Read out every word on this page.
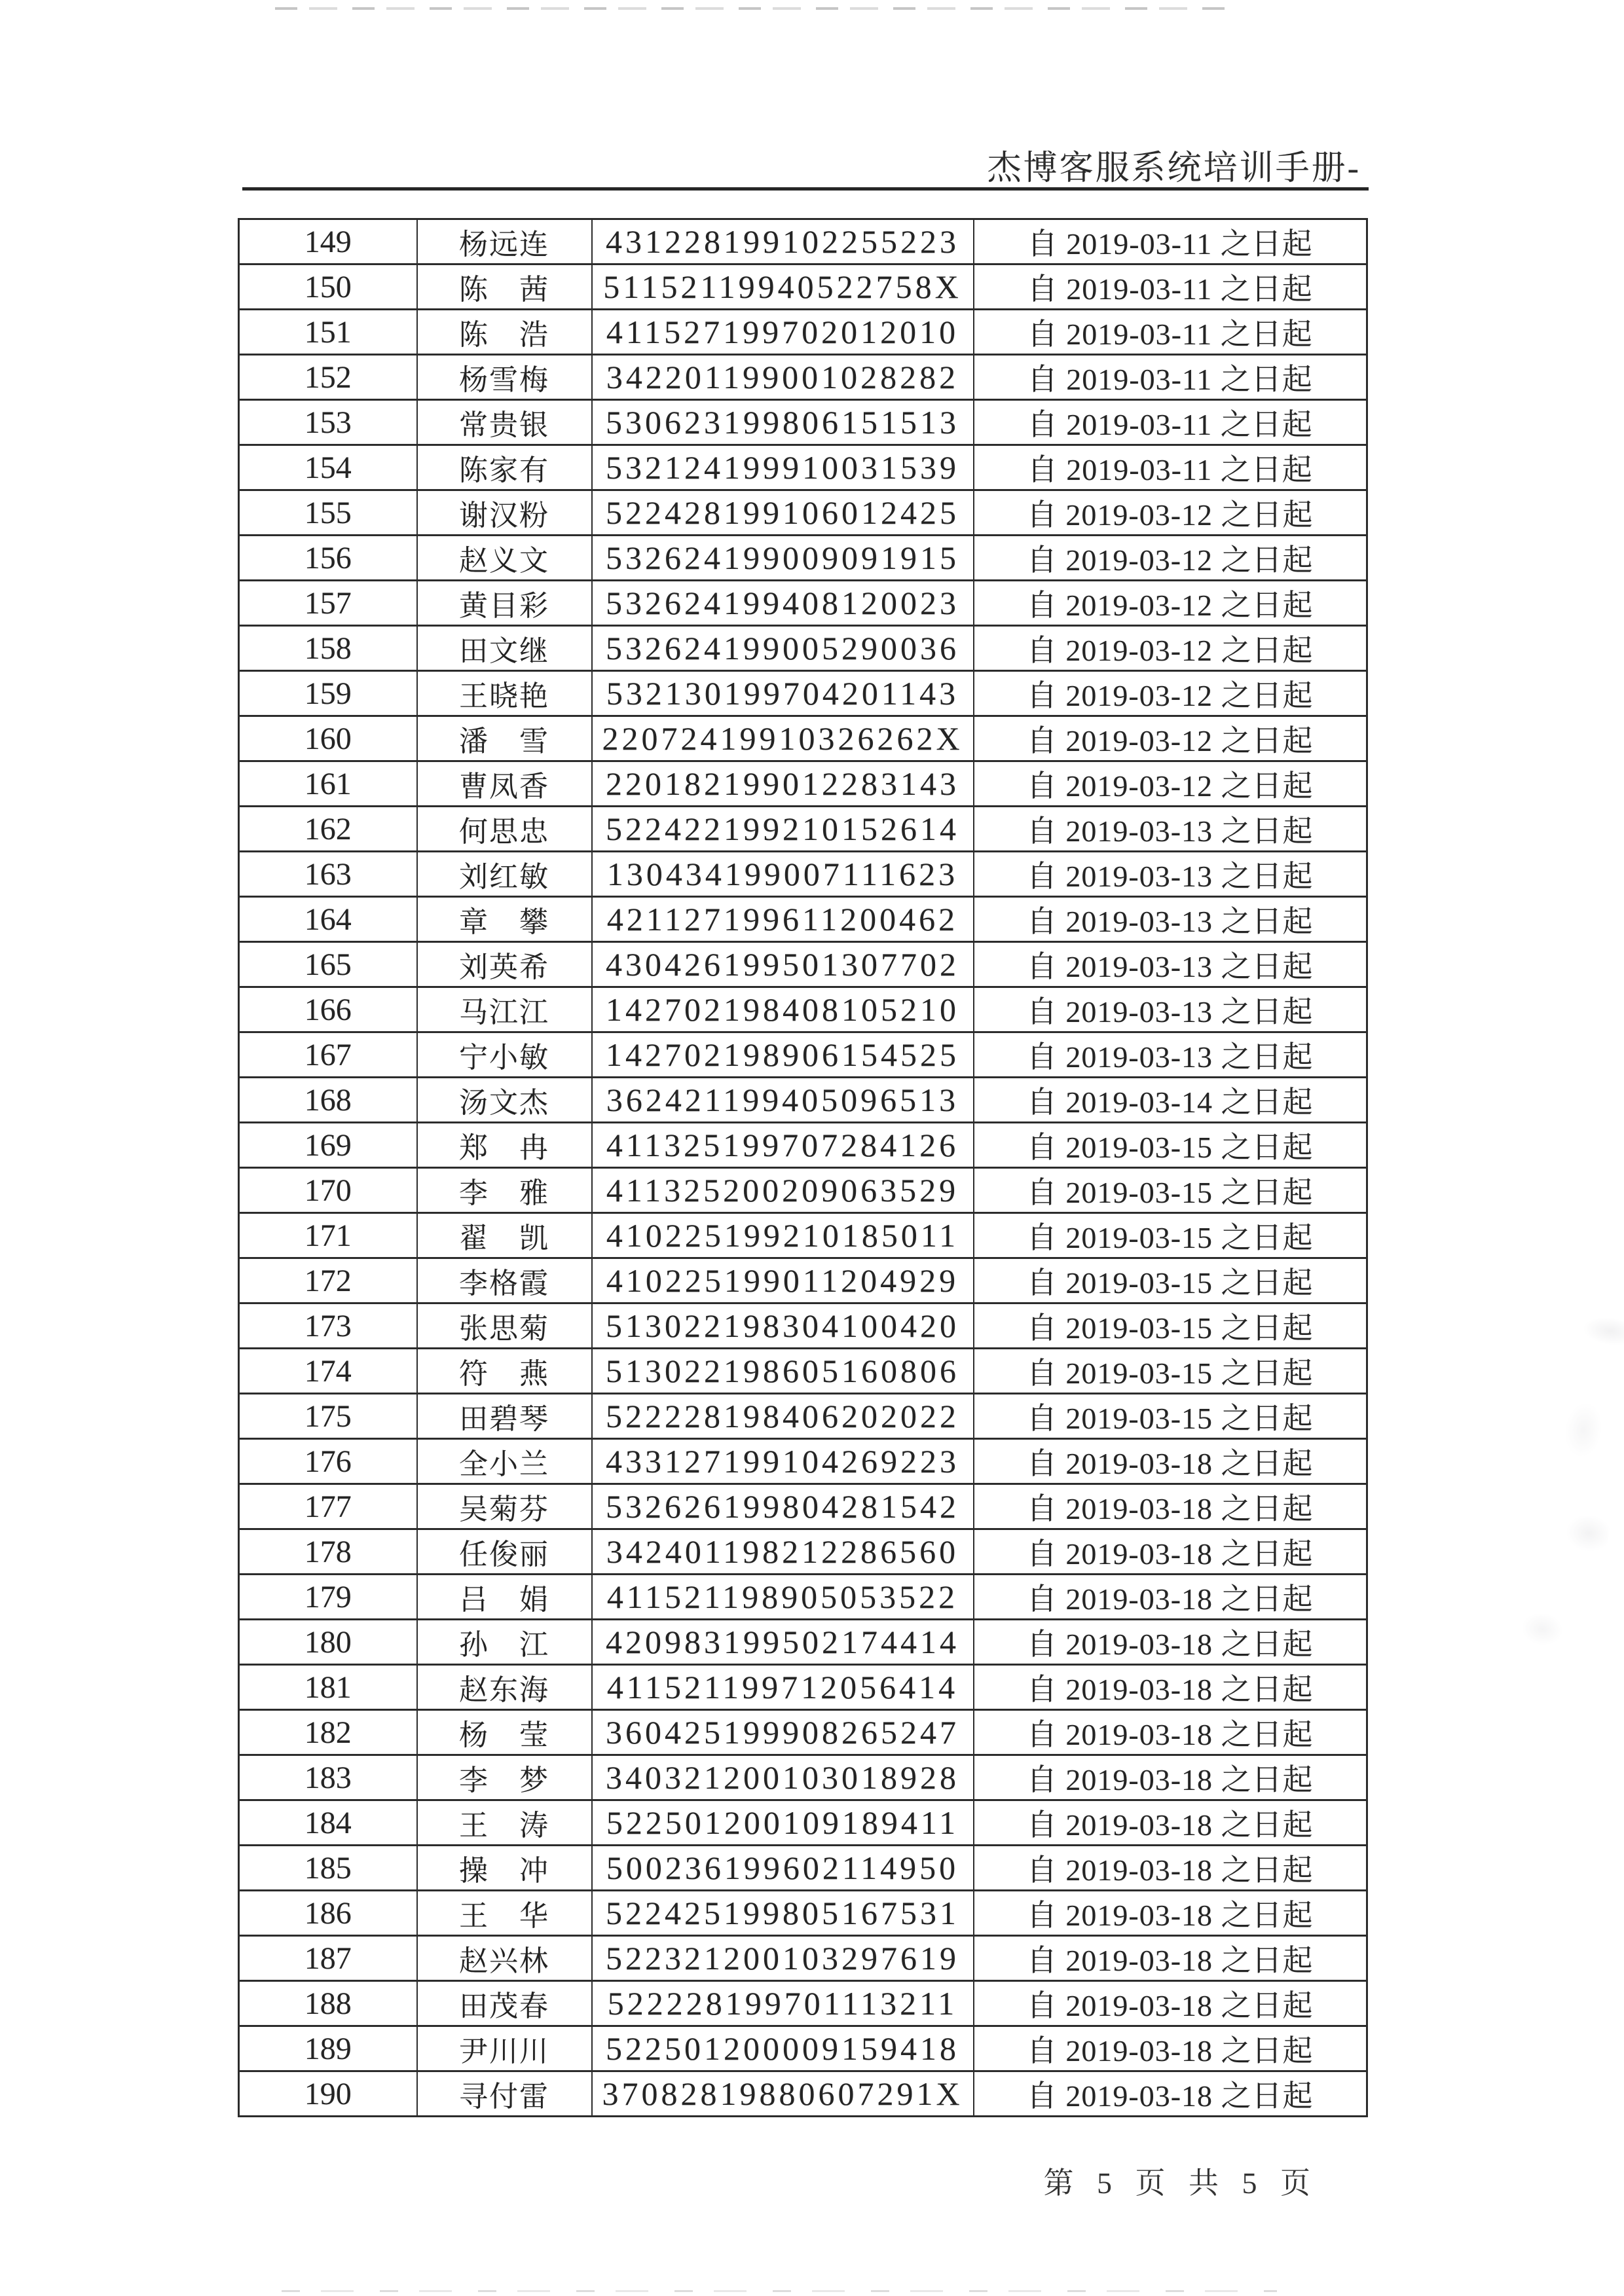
杰博客服系统培训手册-
149	杨远连	431228199102255223	自 2019-03-11 之日起
150	陈　茜	51152119940522758X	自 2019-03-11 之日起
151	陈　浩	411527199702012010	自 2019-03-11 之日起
152	杨雪梅	342201199001028282	自 2019-03-11 之日起
153	常贵银	530623199806151513	自 2019-03-11 之日起
154	陈家有	532124199910031539	自 2019-03-11 之日起
155	谢汉粉	522428199106012425	自 2019-03-12 之日起
156	赵义文	532624199009091915	自 2019-03-12 之日起
157	黄目彩	532624199408120023	自 2019-03-12 之日起
158	田文继	532624199005290036	自 2019-03-12 之日起
159	王晓艳	532130199704201143	自 2019-03-12 之日起
160	潘　雪	22072419910326262X	自 2019-03-12 之日起
161	曹凤香	220182199012283143	自 2019-03-12 之日起
162	何思忠	522422199210152614	自 2019-03-13 之日起
163	刘红敏	130434199007111623	自 2019-03-13 之日起
164	章　攀	421127199611200462	自 2019-03-13 之日起
165	刘英希	430426199501307702	自 2019-03-13 之日起
166	马江江	142702198408105210	自 2019-03-13 之日起
167	宁小敏	142702198906154525	自 2019-03-13 之日起
168	汤文杰	362421199405096513	自 2019-03-14 之日起
169	郑　冉	411325199707284126	自 2019-03-15 之日起
170	李　雅	411325200209063529	自 2019-03-15 之日起
171	翟　凯	410225199210185011	自 2019-03-15 之日起
172	李格霞	410225199011204929	自 2019-03-15 之日起
173	张思菊	513022198304100420	自 2019-03-15 之日起
174	符　燕	513022198605160806	自 2019-03-15 之日起
175	田碧琴	522228198406202022	自 2019-03-15 之日起
176	全小兰	433127199104269223	自 2019-03-18 之日起
177	吴菊芬	532626199804281542	自 2019-03-18 之日起
178	任俊丽	342401198212286560	自 2019-03-18 之日起
179	吕　娟	411521198905053522	自 2019-03-18 之日起
180	孙　江	420983199502174414	自 2019-03-18 之日起
181	赵东海	411521199712056414	自 2019-03-18 之日起
182	杨　莹	360425199908265247	自 2019-03-18 之日起
183	李　梦	340321200103018928	自 2019-03-18 之日起
184	王　涛	522501200109189411	自 2019-03-18 之日起
185	操　冲	500236199602114950	自 2019-03-18 之日起
186	王　华	522425199805167531	自 2019-03-18 之日起
187	赵兴林	522321200103297619	自 2019-03-18 之日起
188	田茂春	522228199701113211	自 2019-03-18 之日起
189	尹川川	522501200009159418	自 2019-03-18 之日起
190	寻付雷	37082819880607291X	自 2019-03-18 之日起
第 5 页 共 5 页
